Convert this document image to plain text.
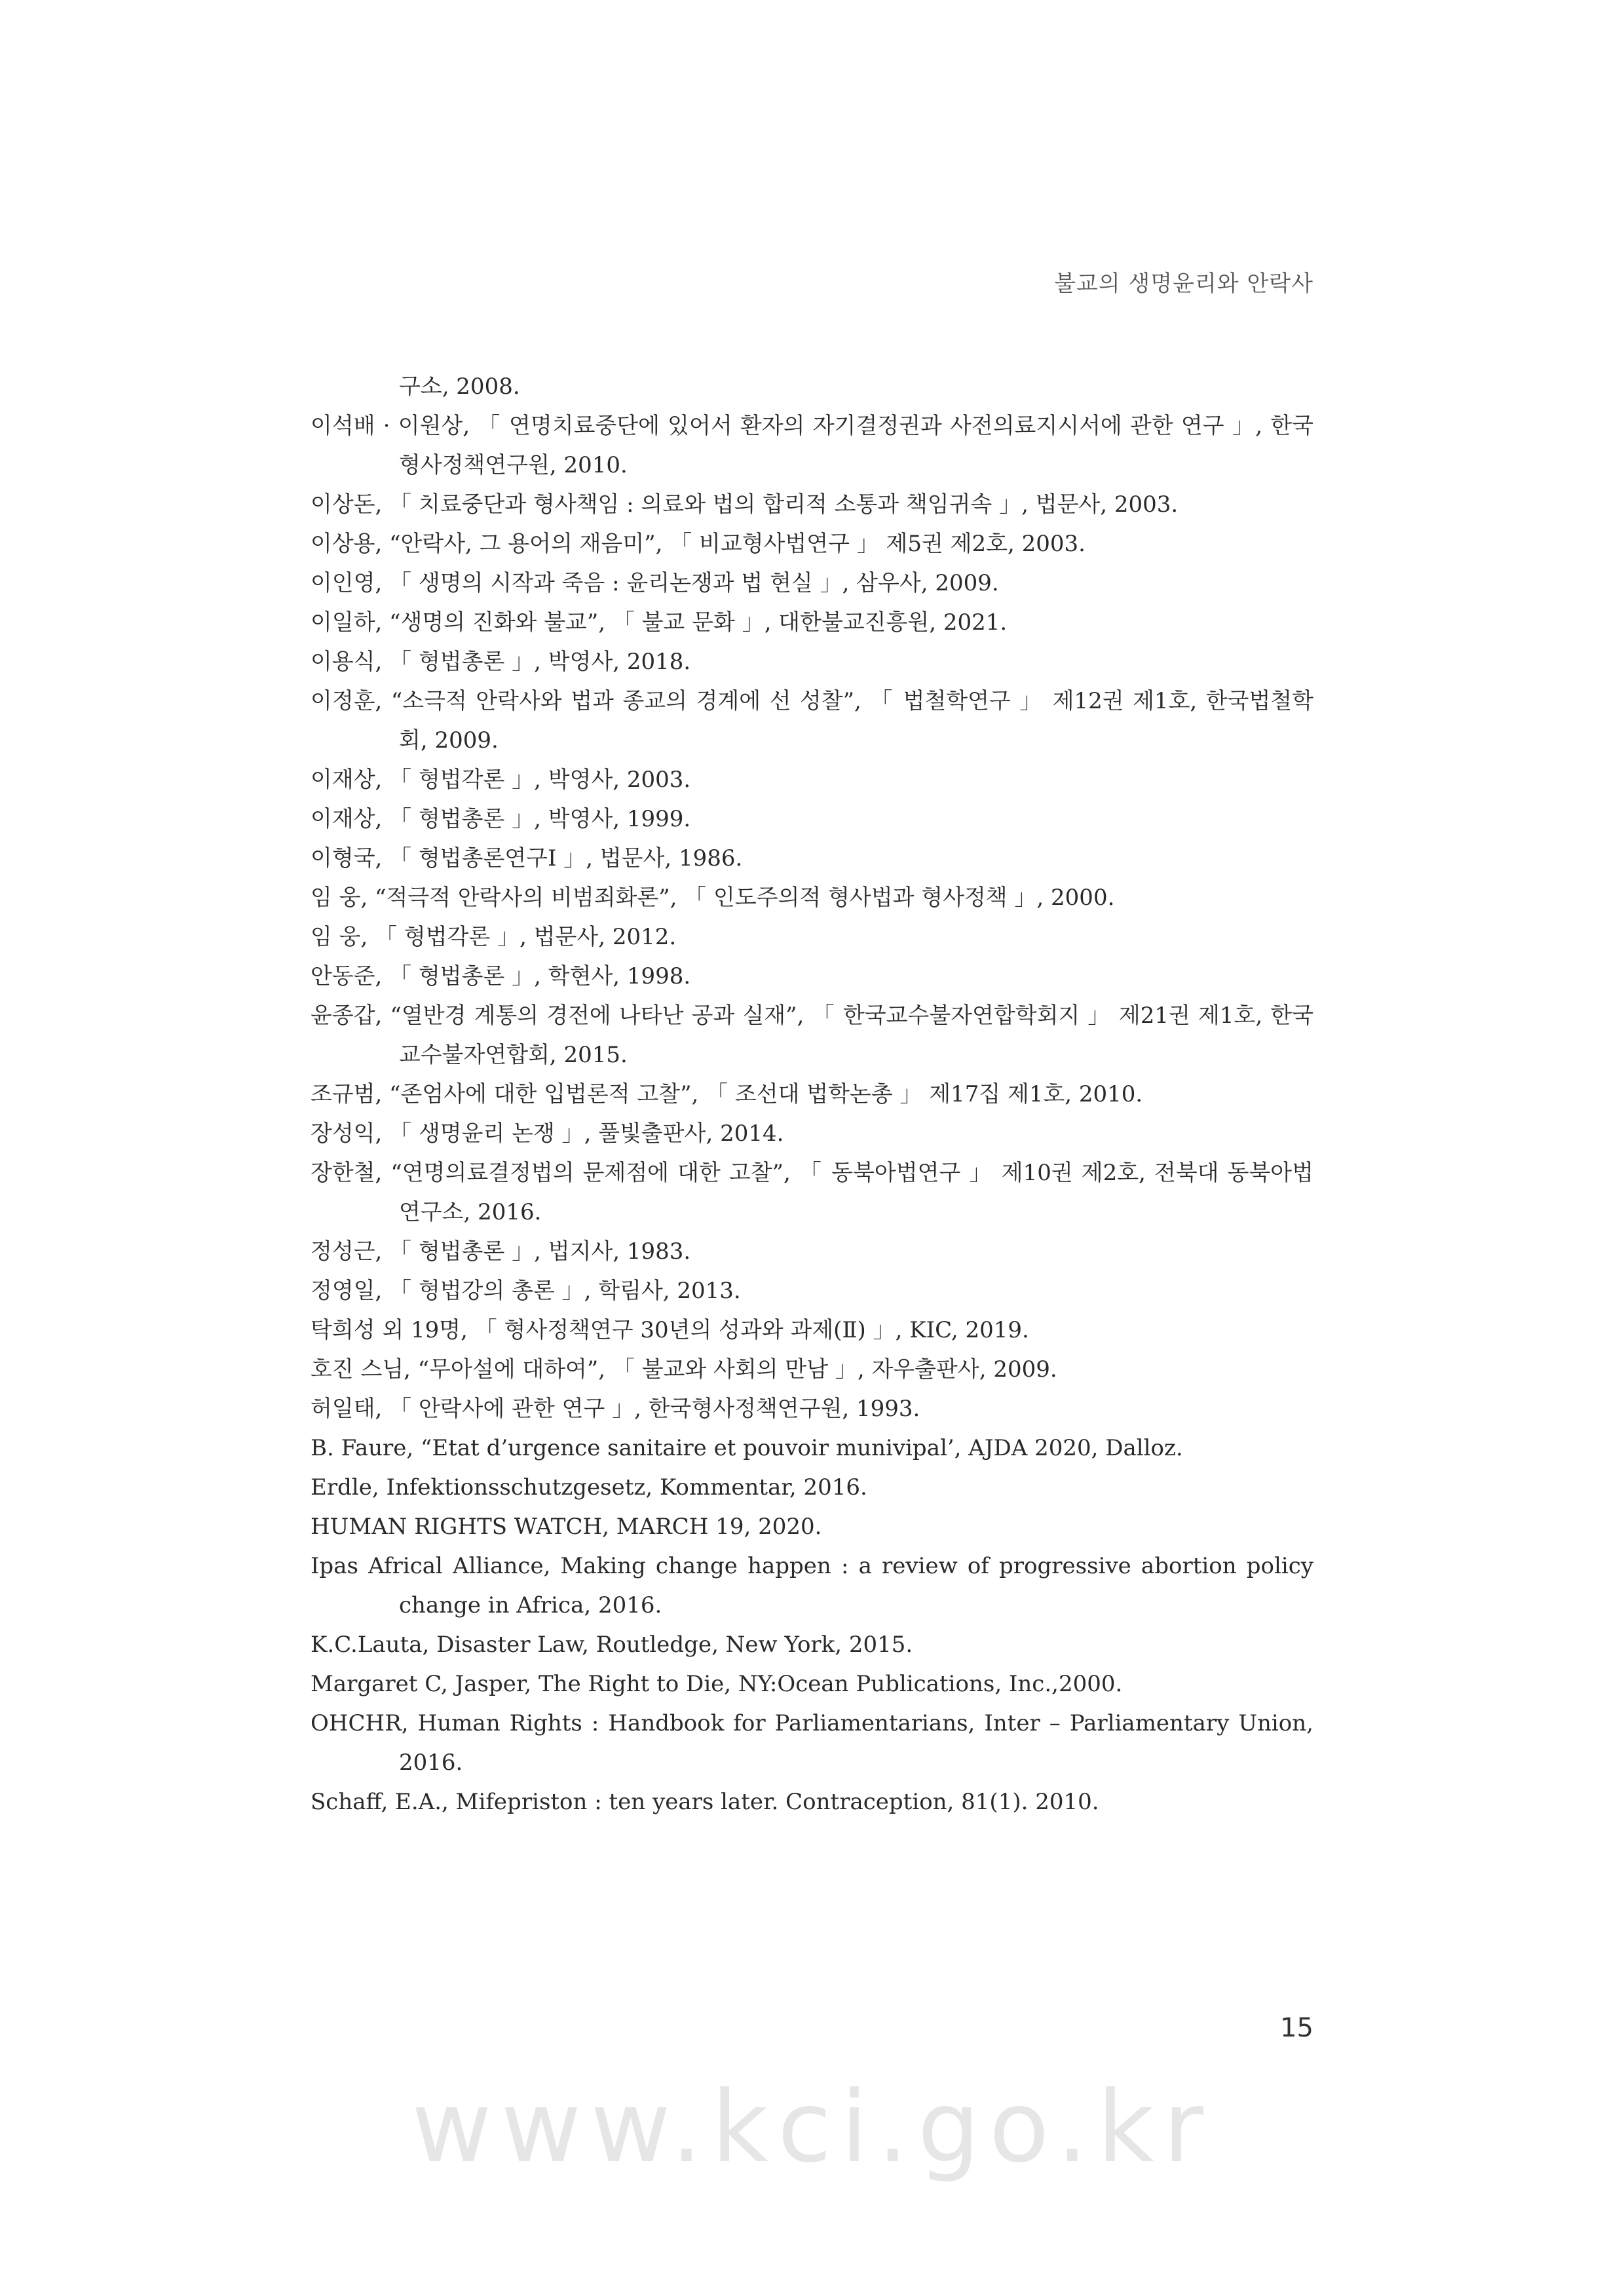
불교의 생명윤리와 안락사
구소, 2008.
이석배 · 이원상, 「 연명치료중단에 있어서 환자의 자기결정권과 사전의료지시서에 관한 연구 」, 한국형사정책연구원, 2010.
이상돈, 「 치료중단과 형사책임 : 의료와 법의 합리적 소통과 책임귀속 」, 법문사, 2003.
이상용, “안락사, 그 용어의 재음미”, 「 비교형사법연구 」 제5권 제2호, 2003.
이인영, 「 생명의 시작과 죽음 : 윤리논쟁과 법 현실 」, 삼우사, 2009.
이일하, “생명의 진화와 불교”, 「 불교 문화 」, 대한불교진흥원, 2021.
이용식, 「 형법총론 」, 박영사, 2018.
이정훈, “소극적 안락사와 법과 종교의 경계에 선 성찰”, 「 법철학연구 」 제12권 제1호, 한국법철학회, 2009.
이재상, 「 형법각론 」, 박영사, 2003.
이재상, 「 형법총론 」, 박영사, 1999.
이형국, 「 형법총론연구Ⅰ 」, 법문사, 1986.
임 웅, “적극적 안락사의 비범죄화론”, 「 인도주의적 형사법과 형사정책 」, 2000.
임 웅, 「 형법각론 」, 법문사, 2012.
안동준, 「 형법총론 」, 학현사, 1998.
윤종갑, “열반경 계통의 경전에 나타난 공과 실재”, 「 한국교수불자연합학회지 」 제21권 제1호, 한국교수불자연합회, 2015.
조규범, “존엄사에 대한 입법론적 고찰”, 「 조선대 법학논총 」 제17집 제1호, 2010.
장성익, 「 생명윤리 논쟁 」, 풀빛출판사, 2014.
장한철, “연명의료결정법의 문제점에 대한 고찰”, 「 동북아법연구 」 제10권 제2호, 전북대 동북아법연구소, 2016.
정성근, 「 형법총론 」, 법지사, 1983.
정영일, 「 형법강의 총론 」, 학림사, 2013.
탁희성 외 19명, 「 형사정책연구 30년의 성과와 과제(Ⅱ) 」, KIC, 2019.
호진 스님, “무아설에 대하여”, 「 불교와 사회의 만남 」, 자우출판사, 2009.
허일태, 「 안락사에 관한 연구 」, 한국형사정책연구원, 1993.
B. Faure, “Etat d’urgence sanitaire et pouvoir munivipal’, AJDA 2020, Dalloz.
Erdle, Infektionsschutzgesetz, Kommentar, 2016.
HUMAN RIGHTS WATCH, MARCH 19, 2020.
Ipas Africal Alliance, Making change happen : a review of progressive abortion policy change in Africa, 2016.
K.C.Lauta, Disaster Law, Routledge, New York, 2015.
Margaret C, Jasper, The Right to Die, NY:Ocean Publications, Inc.,2000.
OHCHR, Human Rights : Handbook for Parliamentarians, Inter – Parliamentary Union, 2016.
Schaff, E.A., Mifepriston : ten years later. Contraception, 81(1). 2010.
15
www.kci.go.kr
